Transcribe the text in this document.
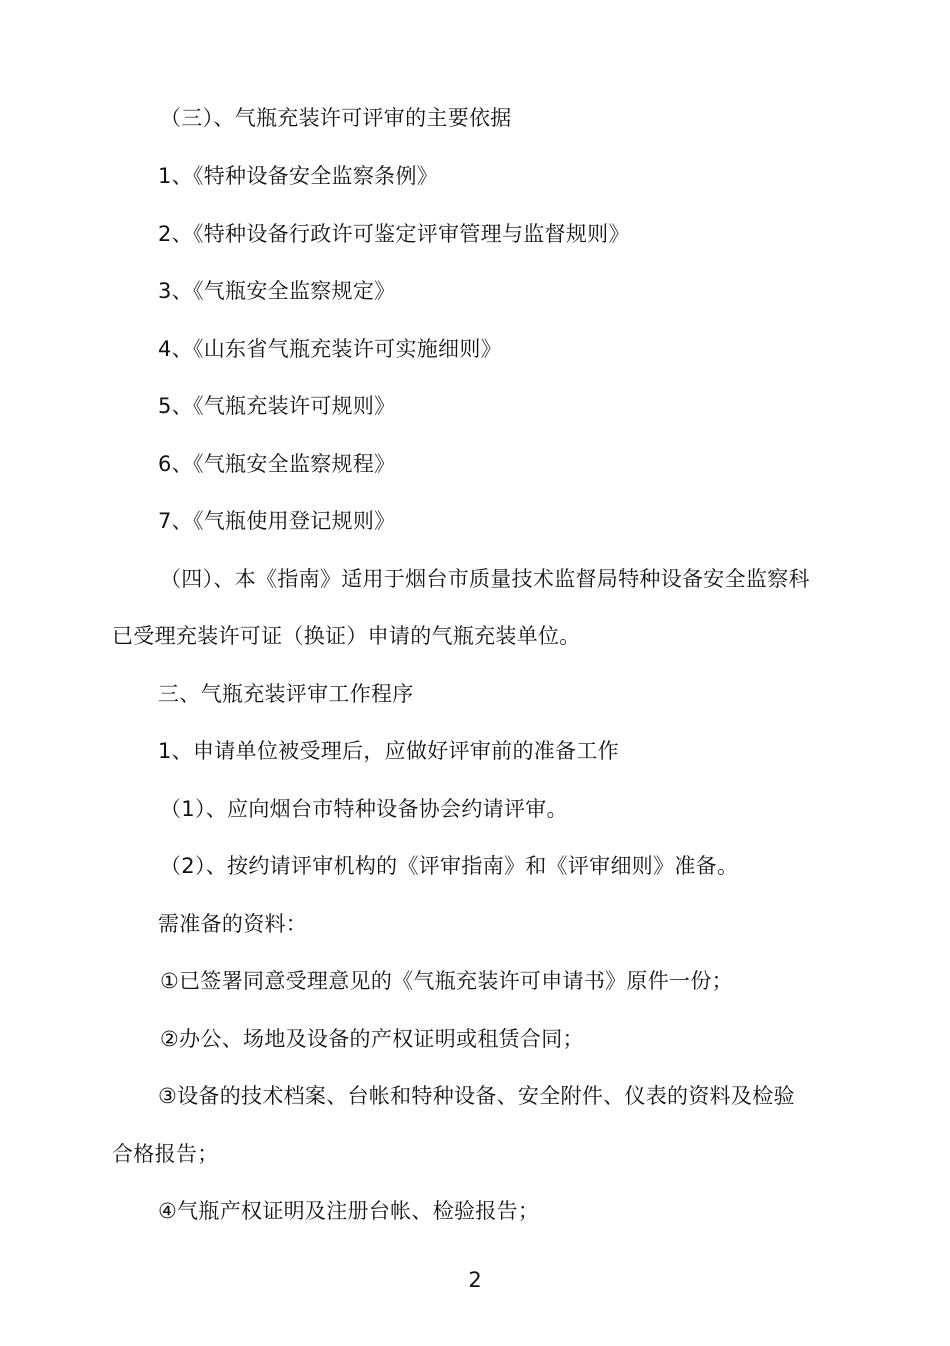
（三）、气瓶充装许可评审的主要依据
1、《特种设备安全监察条例》
2、《特种设备行政许可鉴定评审管理与监督规则》
3、《气瓶安全监察规定》
4、《山东省气瓶充装许可实施细则》
5、《气瓶充装许可规则》
6、《气瓶安全监察规程》
7、《气瓶使用登记规则》
（四）、本《指南》适用于烟台市质量技术监督局特种设备安全监察科
已受理充装许可证（换证）申请的气瓶充装单位。
三、气瓶充装评审工作程序
1、申请单位被受理后，应做好评审前的准备工作
（1）、应向烟台市特种设备协会约请评审。
（2）、按约请评审机构的《评审指南》和《评审细则》准备。
需准备的资料：
①已签署同意受理意见的《气瓶充装许可申请书》原件一份；
②办公、场地及设备的产权证明或租赁合同；
③设备的技术档案、台帐和特种设备、安全附件、仪表的资料及检验
合格报告；
④气瓶产权证明及注册台帐、检验报告；
2
